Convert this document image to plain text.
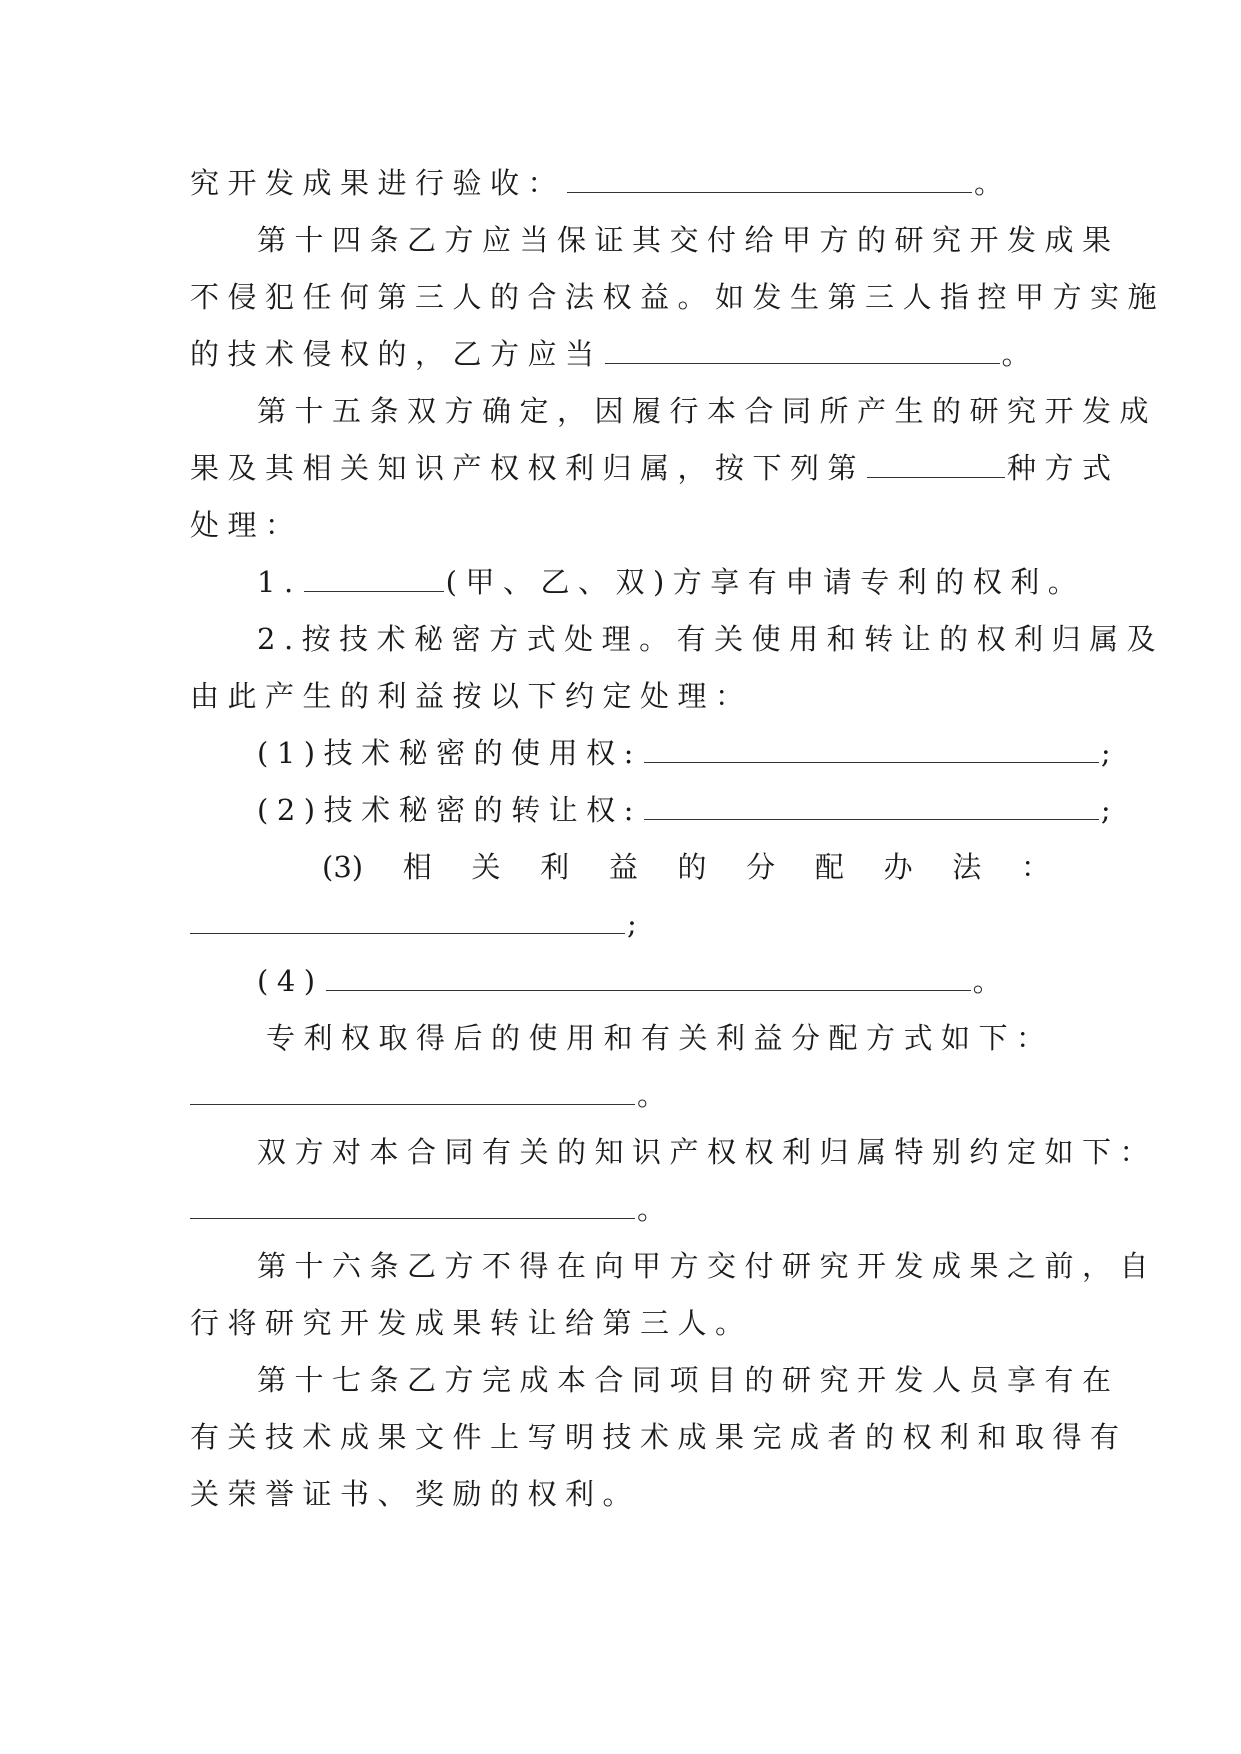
究开发成果进行验收：	。
第十四条乙方应当保证其交付给甲方的研究开发成果
不侵犯任何第三人的合法权益。如发生第三人指控甲方实施
的技术侵权的，乙方应当	。
第十五条双方确定，因履行本合同所产生的研究开发成
果及其相关知识产权权利归属，按下列第	种方式
处理：
1.	(甲、乙、双)方享有申请专利的权利。
2.按技术秘密方式处理。有关使用和转让的权利归属及
由此产生的利益按以下约定处理：
(1)技术秘密的使用权:	;
(2)技术秘密的转让权:	;
(3) 相 关 利 益 的 分 配 办 法 ：
;
(4)	。
专利权取得后的使用和有关利益分配方式如下：
。
双方对本合同有关的知识产权权利归属特别约定如下：
。
第十六条乙方不得在向甲方交付研究开发成果之前，自
行将研究开发成果转让给第三人。
第十七条乙方完成本合同项目的研究开发人员享有在
有关技术成果文件上写明技术成果完成者的权利和取得有
关荣誉证书、奖励的权利。
